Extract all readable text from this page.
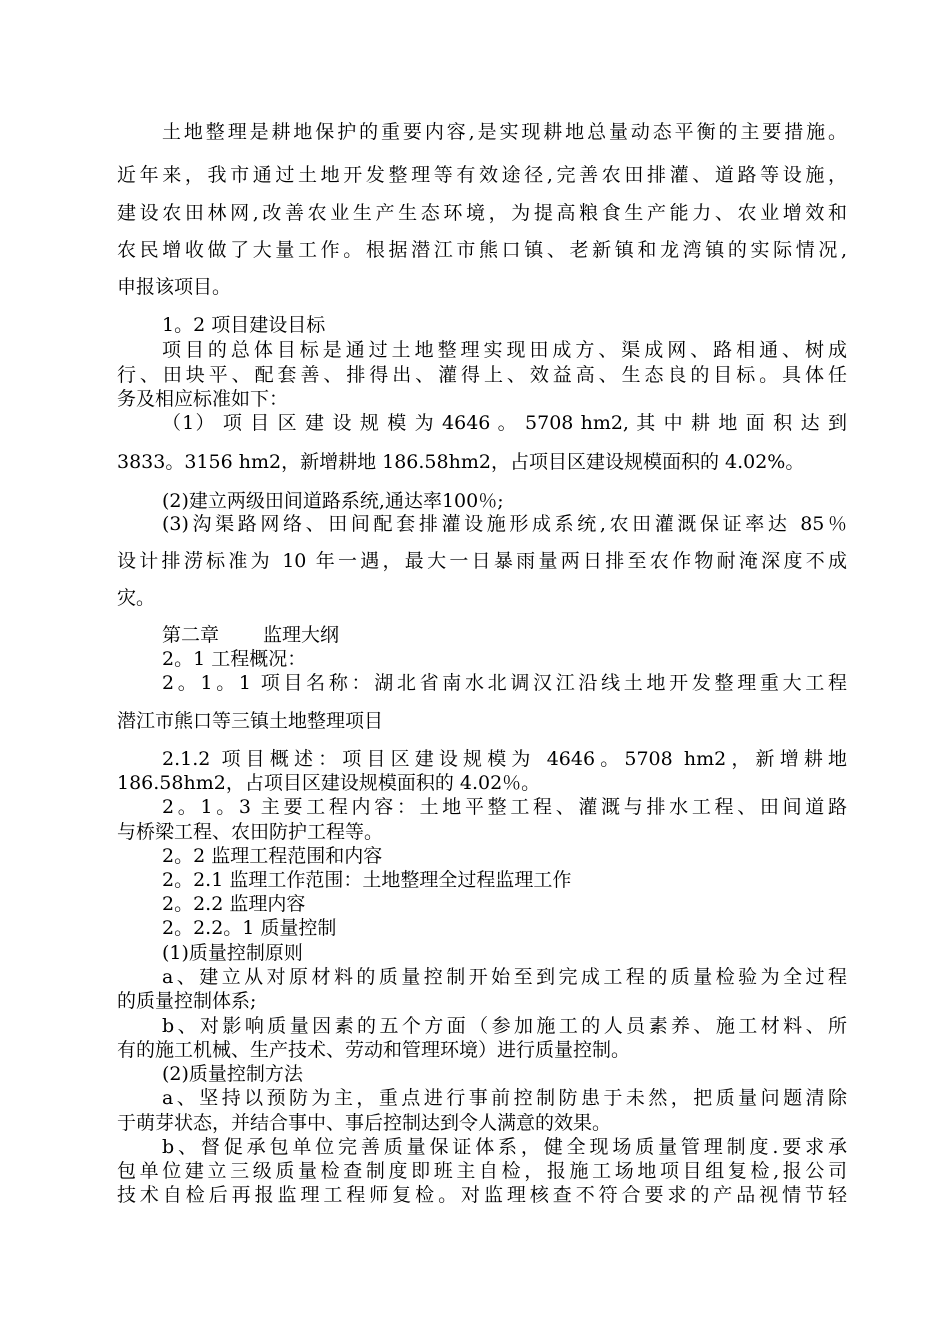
土地整理是耕地保护的重要内容,是实现耕地总量动态平衡的主要措施。
近年来，我市通过土地开发整理等有效途径,完善农田排灌、道路等设施，
建设农田林网,改善农业生产生态环境，为提高粮食生产能力、农业增效和
农民增收做了大量工作。根据潜江市熊口镇、老新镇和龙湾镇的实际情况,
申报该项目。
1。2 项目建设目标
项目的总体目标是通过土地整理实现田成方、渠成网、路相通、树成
行、田块平、配套善、排得出、灌得上、效益高、生态良的目标。具体任
务及相应标准如下：
（1） 项 目 区 建 设 规 模 为 4646 。 5708 hm2, 其 中 耕 地 面 积 达 到
3833。3156 hm2，新增耕地 186.58hm2，占项目区建设规模面积的 4.02%。
(2)建立两级田间道路系统,通达率100％;
(3)沟渠路网络、田间配套排灌设施形成系统,农田灌溉保证率达 85％
设计排涝标准为 10 年一遇，最大一日暴雨量两日排至农作物耐淹深度不成
灾。
第二章　　 监理大纲
2。1 工程概况：
2。1。1 项目名称：湖北省南水北调汉江沿线土地开发整理重大工程
潜江市熊口等三镇土地整理项目
2.1.2 项目概述：项目区建设规模为 4646。5708 hm2，新增耕地
186.58hm2，占项目区建设规模面积的 4.02％。
2。1。3 主要工程内容：土地平整工程、灌溉与排水工程、田间道路
与桥梁工程、农田防护工程等。
2。2 监理工程范围和内容
2。2.1 监理工作范围：土地整理全过程监理工作
2。2.2 监理内容
2。2.2。1 质量控制
(1)质量控制原则
a、建立从对原材料的质量控制开始至到完成工程的质量检验为全过程
的质量控制体系;
b、对影响质量因素的五个方面（参加施工的人员素养、施工材料、所
有的施工机械、生产技术、劳动和管理环境）进行质量控制。
(2)质量控制方法
a、坚持以预防为主，重点进行事前控制防患于未然，把质量问题清除
于萌芽状态，并结合事中、事后控制达到令人满意的效果。
b、督促承包单位完善质量保证体系，健全现场质量管理制度.要求承
包单位建立三级质量检查制度即班主自检，报施工场地项目组复检,报公司
技术自检后再报监理工程师复检。对监理核查不符合要求的产品视情节轻
